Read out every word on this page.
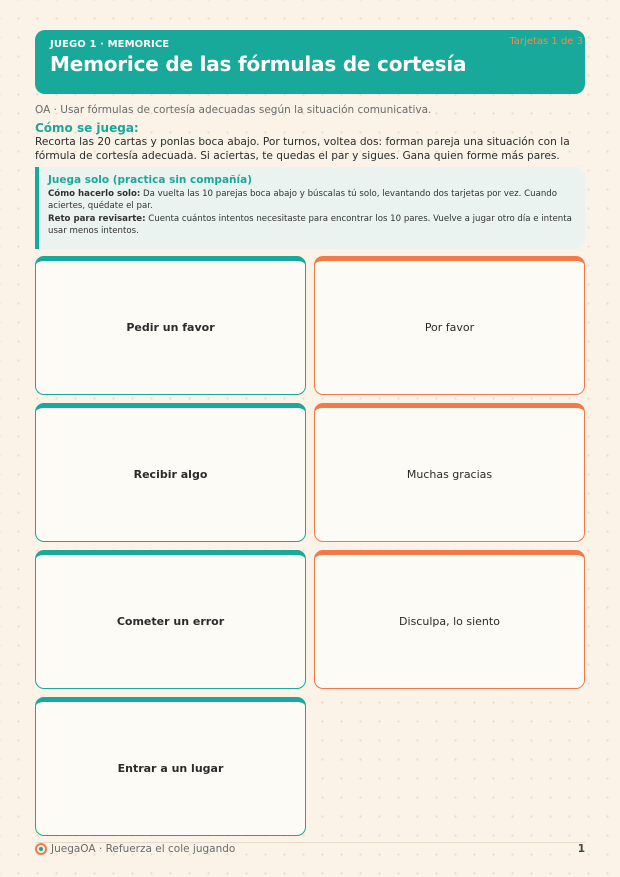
JUEGO 1 · MEMORICE
Memorice de las fórmulas de cortesía
Tarjetas 1 de 3
OA · Usar fórmulas de cortesía adecuadas según la situación comunicativa.
Cómo se juega:
Recorta las 20 cartas y ponlas boca abajo. Por turnos, voltea dos: forman pareja una situación con la fórmula de cortesía adecuada. Si aciertas, te quedas el par y sigues. Gana quien forme más pares.
Juega solo (practica sin compañía)

Cómo hacerlo solo: Da vuelta las 10 parejas boca abajo y búscalas tú solo, levantando dos tarjetas por vez. Cuando aciertes, quédate el par.

Reto para revisarte: Cuenta cuántos intentos necesitaste para encontrar los 10 pares. Vuelve a jugar otro día e intenta usar menos intentos.

Pedir un favor	Por favor
Recibir algo	Muchas gracias
Cometer un error	Disculpa, lo siento
Entrar a un lugar
JuegaOA · Refuerza el cole jugando	1
